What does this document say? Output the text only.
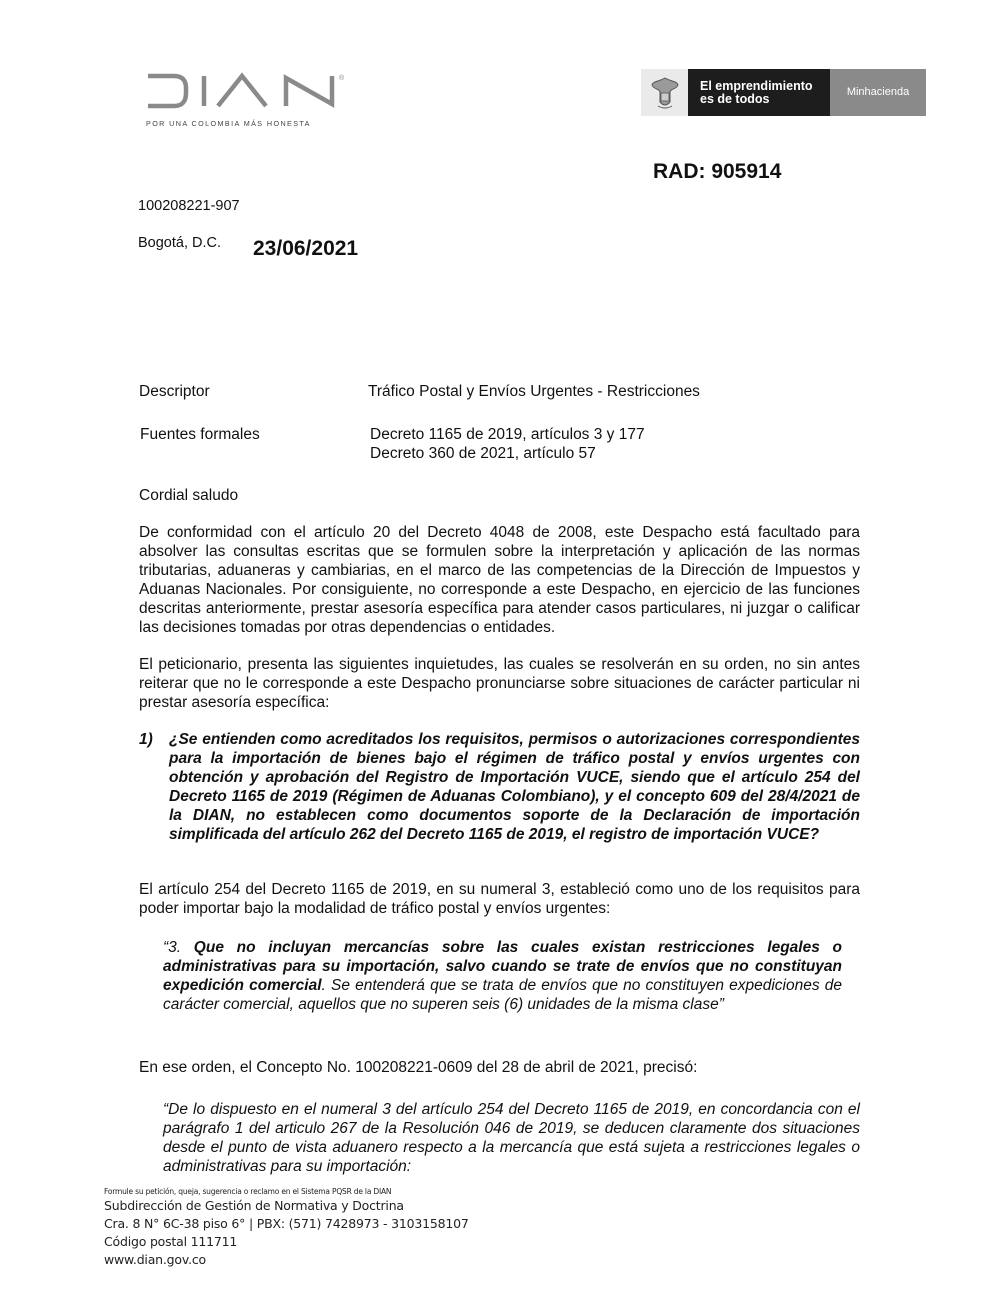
®
POR UNA COLOMBIA MÁS HONESTA
El emprendimiento
es de todos	Minhacienda
RAD: 905914
100208221-907
Bogotá, D.C. 23/06/2021
Descriptor	Tráfico Postal y Envíos Urgentes - Restricciones
Fuentes formales	Decreto 1165 de 2019, artículos 3 y 177
Decreto 360 de 2021, artículo 57
Cordial saludo
De conformidad con el artículo 20 del Decreto 4048 de 2008, este Despacho está facultado para absolver las consultas escritas que se formulen sobre la interpretación y aplicación de las normas tributarias, aduaneras y cambiarias, en el marco de las competencias de la Dirección de Impuestos y Aduanas Nacionales. Por consiguiente, no corresponde a este Despacho, en ejercicio de las funciones descritas anteriormente, prestar asesoría específica para atender casos particulares, ni juzgar o calificar las decisiones tomadas por otras dependencias o entidades.
El peticionario, presenta las siguientes inquietudes, las cuales se resolverán en su orden, no sin antes reiterar que no le corresponde a este Despacho pronunciarse sobre situaciones de carácter particular ni prestar asesoría específica:
1) ¿Se entienden como acreditados los requisitos, permisos o autorizaciones correspondientes para la importación de bienes bajo el régimen de tráfico postal y envíos urgentes con obtención y aprobación del Registro de Importación VUCE, siendo que el artículo 254 del Decreto 1165 de 2019 (Régimen de Aduanas Colombiano), y el concepto 609 del 28/4/2021 de la DIAN, no establecen como documentos soporte de la Declaración de importación simplificada del artículo 262 del Decreto 1165 de 2019, el registro de importación VUCE?
El artículo 254 del Decreto 1165 de 2019, en su numeral 3, estableció como uno de los requisitos para poder importar bajo la modalidad de tráfico postal y envíos urgentes:
“3. Que no incluyan mercancías sobre las cuales existan restricciones legales o administrativas para su importación, salvo cuando se trate de envíos que no constituyan expedición comercial. Se entenderá que se trata de envíos que no constituyen expediciones de carácter comercial, aquellos que no superen seis (6) unidades de la misma clase”
En ese orden, el Concepto No. 100208221-0609 del 28 de abril de 2021, precisó:
“De lo dispuesto en el numeral 3 del artículo 254 del Decreto 1165 de 2019, en concordancia con el parágrafo 1 del articulo 267 de la Resolución 046 de 2019, se deducen claramente dos situaciones desde el punto de vista aduanero respecto a la mercancía que está sujeta a restricciones legales o administrativas para su importación:
Formule su petición, queja, sugerencia o reclamo en el Sistema PQSR de la DIAN
Subdirección de Gestión de Normativa y Doctrina
Cra. 8 N° 6C-38 piso 6° | PBX: (571) 7428973 - 3103158107
Código postal 111711
www.dian.gov.co
